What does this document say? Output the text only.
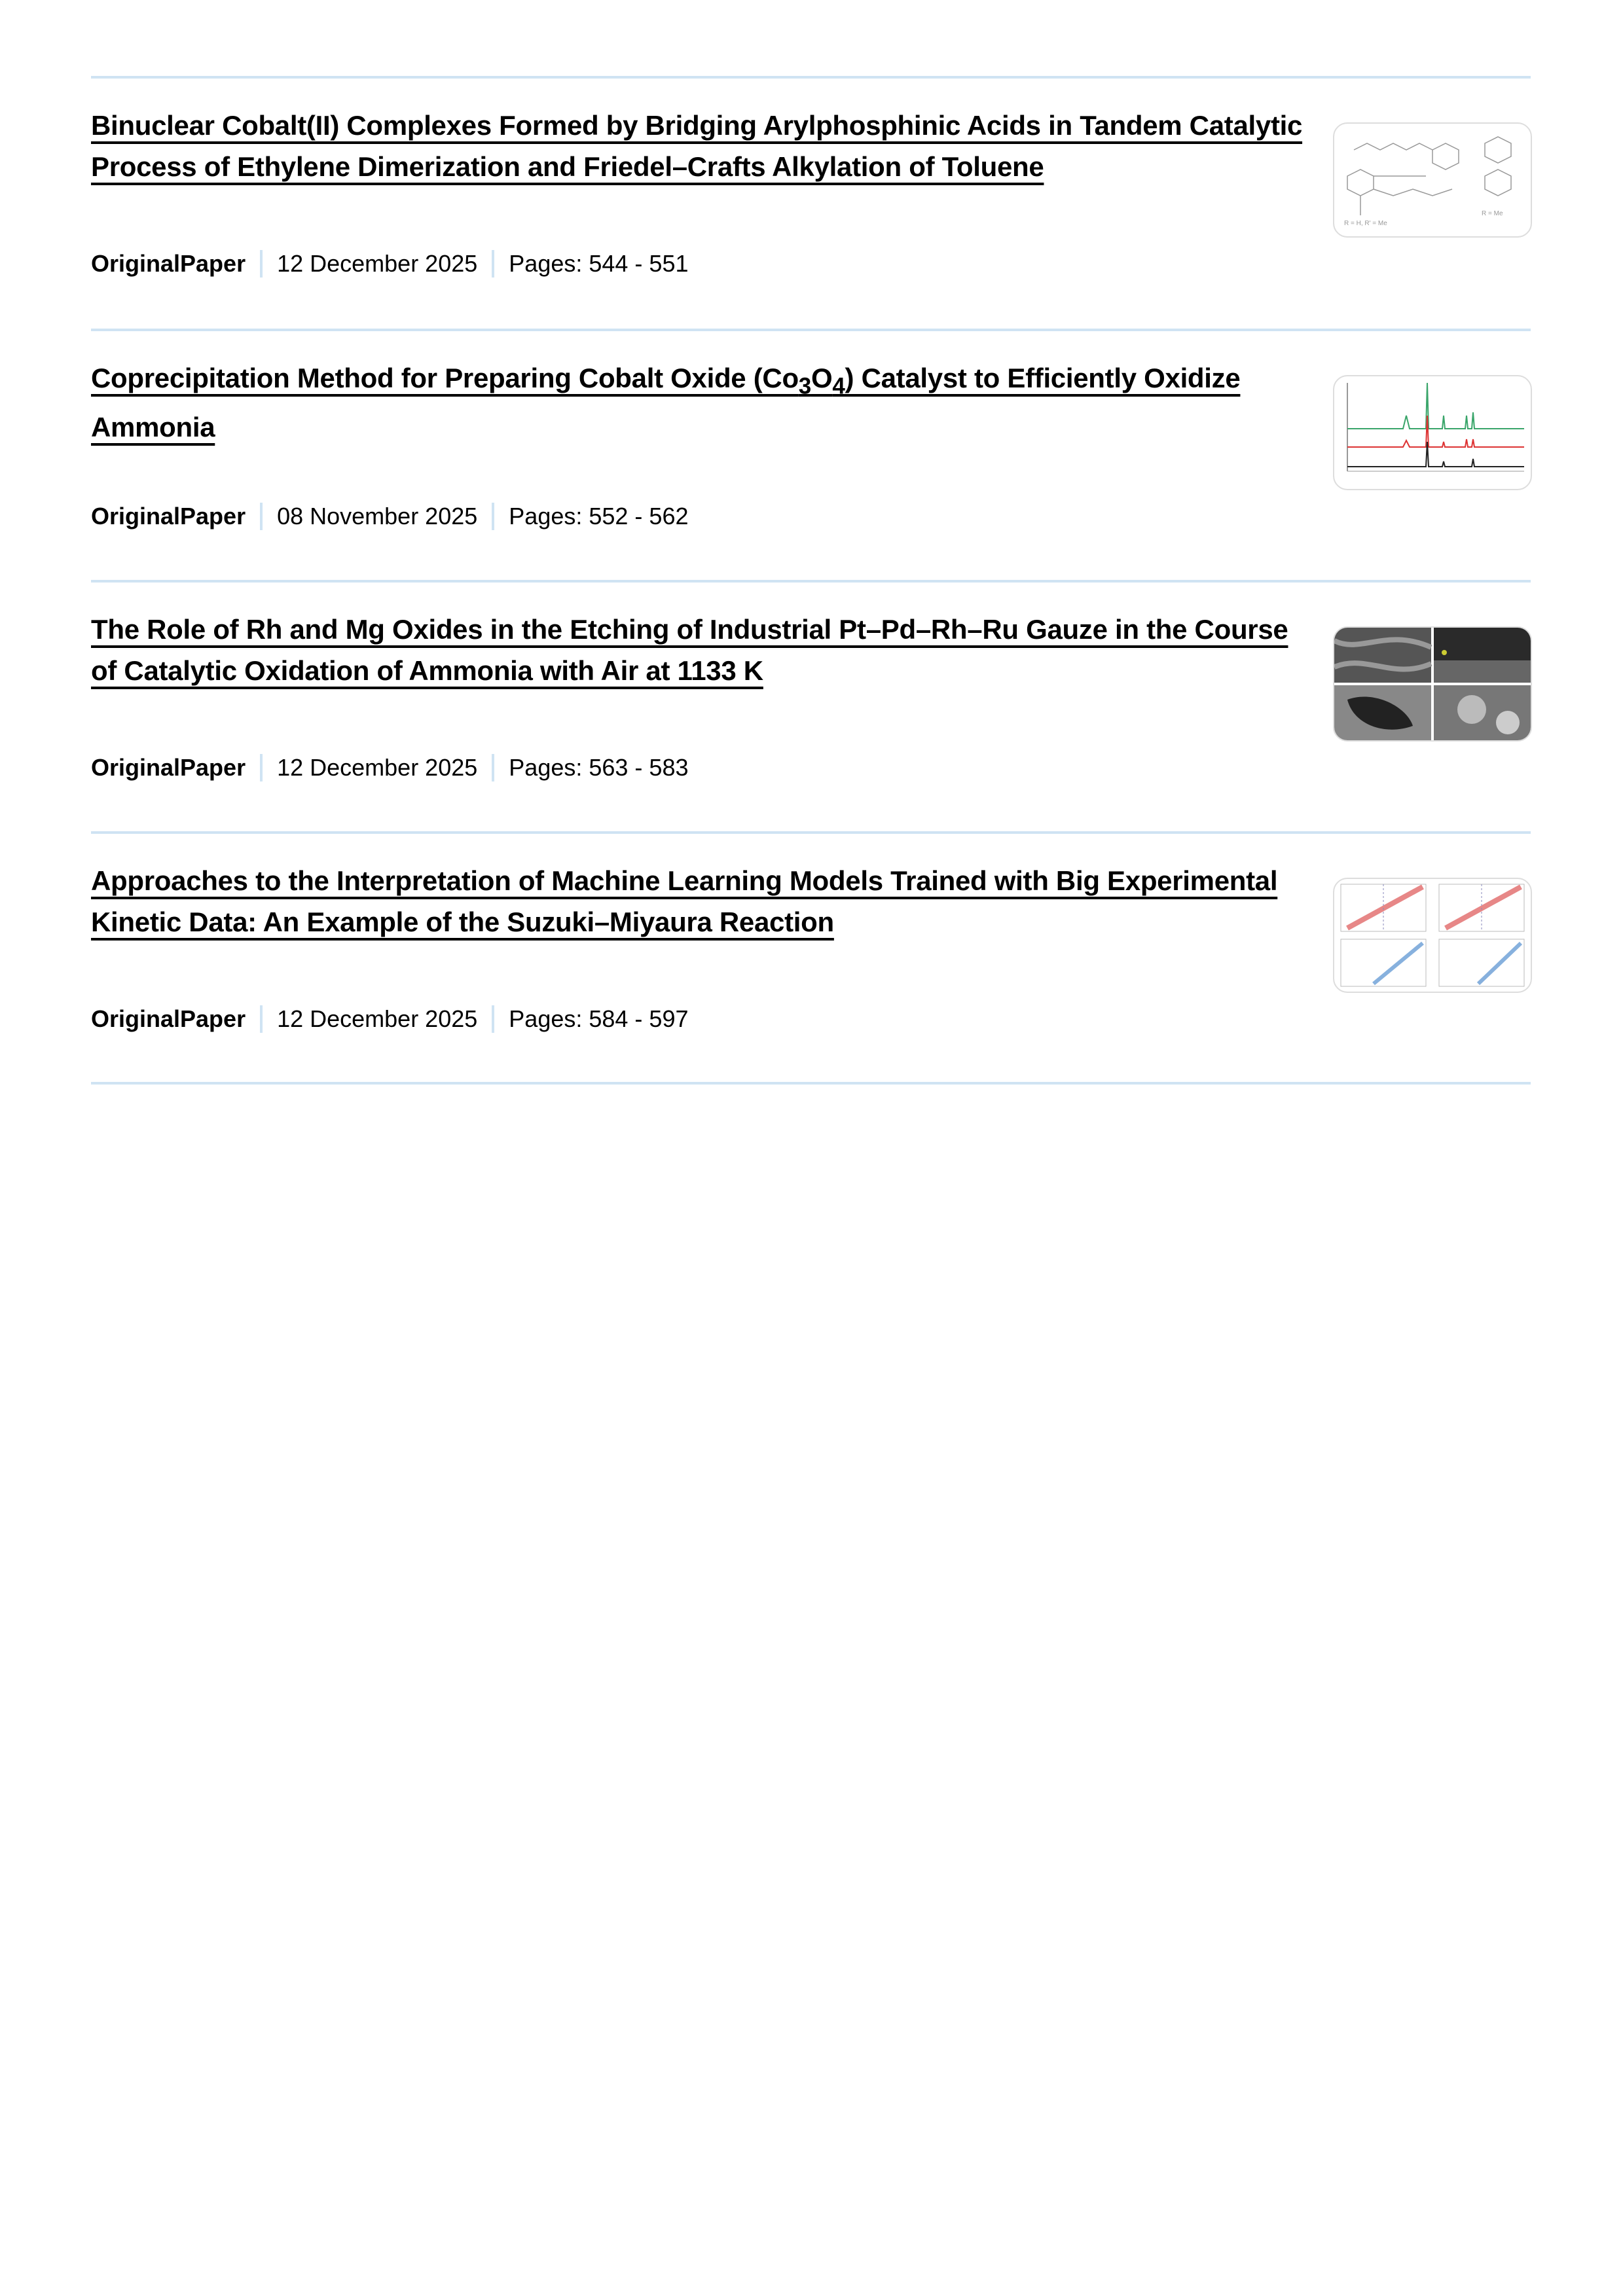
Binuclear Cobalt(II) Complexes Formed by Bridging Arylphosphinic Acids in Tandem Catalytic Process of Ethylene Dimerization and Friedel–Crafts Alkylation of Toluene
R = H, R' = Me
R = Me
OriginalPaper 12 December 2025 Pages: 544 - 551
Coprecipitation Method for Preparing Cobalt Oxide $(Co_3O_4)$ Catalyst to Efficiently Oxidize Ammonia
OriginalPaper 08 November 2025 Pages: 552 - 562
The Role of Rh and Mg Oxides in the Etching of Industrial Pt–Pd–Rh–Ru Gauze in the Course of Catalytic Oxidation of Ammonia with Air at 1133 K
OriginalPaper 12 December 2025 Pages: 563 - 583
Approaches to the Interpretation of Machine Learning Models Trained with Big Experimental Kinetic Data: An Example of the Suzuki–Miyaura Reaction
OriginalPaper 12 December 2025 Pages: 584 - 597
